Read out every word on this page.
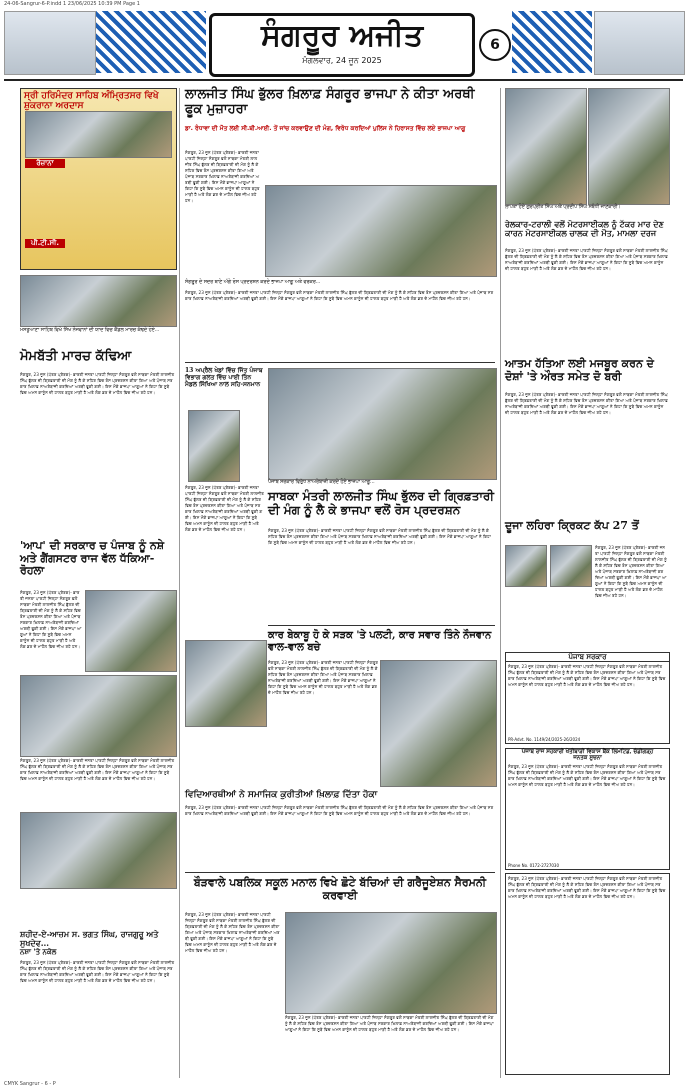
24-06-Sangrur-6-P.indd 1 23/06/2025 10:39 PM Page 1
ਸੰਗਰੂਰ ਅਜੀਤ
ਮੰਗਲਵਾਰ, 24 ਜੂਨ 2025
6
ਸ੍ਰੀ ਹਰਿਮੰਦਰ ਸਾਹਿਬ ਅੰਮ੍ਰਿਤਸਰ ਵਿਖੇ ਸ਼ੁਕਰਾਨਾ ਅਰਦਾਸ
ਰੋਜ਼ਾਨਾ
ਪੀ.ਟੀ.ਸੀ.
ਮਸਤੂਆਣਾ ਸਾਹਿਬ ਵਿਖੇ ਸਿੱਖ ਨੌਜਵਾਨਾਂ ਦੀ ਯਾਦ ਵਿਚ ਕੈਂਡਲ ਮਾਰਚ ਕੱਢਦੇ ਹੋਏ...
ਮੋਮਬੱਤੀ ਮਾਰਚ ਕੱਢਿਆ
ਸੰਗਰੂਰ, 23 ਜੂਨ (ਪੱਤਰ ਪ੍ਰੇਰਕ)- ਭਾਰਤੀ ਜਨਤਾ ਪਾਰਟੀ ਜ਼ਿਲ੍ਹਾ ਸੰਗਰੂਰ ਵਲੋਂ ਸਾਬਕਾ ਮੰਤਰੀ ਲਾਲਜੀਤ ਸਿੰਘ ਭੁੱਲਰ ਦੀ ਗ੍ਰਿਫ਼ਤਾਰੀ ਦੀ ਮੰਗ ਨੂੰ ਲੈ ਕੇ ਸ਼ਹਿਰ ਵਿਚ ਰੋਸ ਪ੍ਰਦਰਸ਼ਨ ਕੀਤਾ ਗਿਆ ਅਤੇ ਪੰਜਾਬ ਸਰਕਾਰ ਖ਼ਿਲਾਫ਼ ਨਾਅਰੇਬਾਜ਼ੀ ਕਰਦਿਆਂ ਅਰਥੀ ਫੂਕੀ ਗਈ। ਇਸ ਮੌਕੇ ਭਾਜਪਾ ਆਗੂਆਂ ਨੇ ਕਿਹਾ ਕਿ ਸੂਬੇ ਵਿਚ ਅਮਨ ਕਾਨੂੰਨ ਦੀ ਹਾਲਤ ਬਹੁਤ ਮਾੜੀ ਹੈ ਅਤੇ ਲੋਕ ਡਰ ਦੇ ਮਾਹੌਲ ਵਿਚ ਜੀਅ ਰਹੇ ਹਨ।
'ਆਪ' ਦੀ ਸਰਕਾਰ ਚ ਪੰਜਾਬ ਨੂੰ ਨਸ਼ੇ ਅਤੇ ਗੈਂਗਸਟਰ ਰਾਜ ਵੱਲ ਧੱਕਿਆ-ਰੋਹਲਾ
ਸੰਗਰੂਰ, 23 ਜੂਨ (ਪੱਤਰ ਪ੍ਰੇਰਕ)- ਭਾਰਤੀ ਜਨਤਾ ਪਾਰਟੀ ਜ਼ਿਲ੍ਹਾ ਸੰਗਰੂਰ ਵਲੋਂ ਸਾਬਕਾ ਮੰਤਰੀ ਲਾਲਜੀਤ ਸਿੰਘ ਭੁੱਲਰ ਦੀ ਗ੍ਰਿਫ਼ਤਾਰੀ ਦੀ ਮੰਗ ਨੂੰ ਲੈ ਕੇ ਸ਼ਹਿਰ ਵਿਚ ਰੋਸ ਪ੍ਰਦਰਸ਼ਨ ਕੀਤਾ ਗਿਆ ਅਤੇ ਪੰਜਾਬ ਸਰਕਾਰ ਖ਼ਿਲਾਫ਼ ਨਾਅਰੇਬਾਜ਼ੀ ਕਰਦਿਆਂ ਅਰਥੀ ਫੂਕੀ ਗਈ। ਇਸ ਮੌਕੇ ਭਾਜਪਾ ਆਗੂਆਂ ਨੇ ਕਿਹਾ ਕਿ ਸੂਬੇ ਵਿਚ ਅਮਨ ਕਾਨੂੰਨ ਦੀ ਹਾਲਤ ਬਹੁਤ ਮਾੜੀ ਹੈ ਅਤੇ ਲੋਕ ਡਰ ਦੇ ਮਾਹੌਲ ਵਿਚ ਜੀਅ ਰਹੇ ਹਨ।
ਸੰਗਰੂਰ, 23 ਜੂਨ (ਪੱਤਰ ਪ੍ਰੇਰਕ)- ਭਾਰਤੀ ਜਨਤਾ ਪਾਰਟੀ ਜ਼ਿਲ੍ਹਾ ਸੰਗਰੂਰ ਵਲੋਂ ਸਾਬਕਾ ਮੰਤਰੀ ਲਾਲਜੀਤ ਸਿੰਘ ਭੁੱਲਰ ਦੀ ਗ੍ਰਿਫ਼ਤਾਰੀ ਦੀ ਮੰਗ ਨੂੰ ਲੈ ਕੇ ਸ਼ਹਿਰ ਵਿਚ ਰੋਸ ਪ੍ਰਦਰਸ਼ਨ ਕੀਤਾ ਗਿਆ ਅਤੇ ਪੰਜਾਬ ਸਰਕਾਰ ਖ਼ਿਲਾਫ਼ ਨਾਅਰੇਬਾਜ਼ੀ ਕਰਦਿਆਂ ਅਰਥੀ ਫੂਕੀ ਗਈ। ਇਸ ਮੌਕੇ ਭਾਜਪਾ ਆਗੂਆਂ ਨੇ ਕਿਹਾ ਕਿ ਸੂਬੇ ਵਿਚ ਅਮਨ ਕਾਨੂੰਨ ਦੀ ਹਾਲਤ ਬਹੁਤ ਮਾੜੀ ਹੈ ਅਤੇ ਲੋਕ ਡਰ ਦੇ ਮਾਹੌਲ ਵਿਚ ਜੀਅ ਰਹੇ ਹਨ।
ਸ਼ਹੀਦ-ਏ-ਆਜ਼ਮ ਸ. ਭਗਤ ਸਿੰਘ, ਰਾਜਗੁਰੂ ਅਤੇ ਸੁਖਦੇਵ...
ਨਸ਼ਾ 'ਤੇ ਨਕੇਲ
ਸੰਗਰੂਰ, 23 ਜੂਨ (ਪੱਤਰ ਪ੍ਰੇਰਕ)- ਭਾਰਤੀ ਜਨਤਾ ਪਾਰਟੀ ਜ਼ਿਲ੍ਹਾ ਸੰਗਰੂਰ ਵਲੋਂ ਸਾਬਕਾ ਮੰਤਰੀ ਲਾਲਜੀਤ ਸਿੰਘ ਭੁੱਲਰ ਦੀ ਗ੍ਰਿਫ਼ਤਾਰੀ ਦੀ ਮੰਗ ਨੂੰ ਲੈ ਕੇ ਸ਼ਹਿਰ ਵਿਚ ਰੋਸ ਪ੍ਰਦਰਸ਼ਨ ਕੀਤਾ ਗਿਆ ਅਤੇ ਪੰਜਾਬ ਸਰਕਾਰ ਖ਼ਿਲਾਫ਼ ਨਾਅਰੇਬਾਜ਼ੀ ਕਰਦਿਆਂ ਅਰਥੀ ਫੂਕੀ ਗਈ। ਇਸ ਮੌਕੇ ਭਾਜਪਾ ਆਗੂਆਂ ਨੇ ਕਿਹਾ ਕਿ ਸੂਬੇ ਵਿਚ ਅਮਨ ਕਾਨੂੰਨ ਦੀ ਹਾਲਤ ਬਹੁਤ ਮਾੜੀ ਹੈ ਅਤੇ ਲੋਕ ਡਰ ਦੇ ਮਾਹੌਲ ਵਿਚ ਜੀਅ ਰਹੇ ਹਨ।
ਲਾਲਜੀਤ ਸਿੰਘ ਭੁੱਲਰ ਖ਼ਿਲਾਫ਼ ਸੰਗਰੂਰ ਭਾਜਪਾ ਨੇ ਕੀਤਾ ਅਰਥੀ ਫੂਕ ਮੁਜ਼ਾਹਰਾ
ਡਾ. ਰੰਧਾਵਾ ਦੀ ਮੌਤ ਲਈ ਸੀ.ਬੀ.ਆਈ. ਤੋਂ ਜਾਂਚ ਕਰਵਾਉਣ ਦੀ ਮੰਗ, ਵਿਰੋਧ ਕਰਦਿਆਂ ਪੁਲਿਸ ਨੇ ਹਿਰਾਸਤ ਵਿੱਚ ਲਏ ਭਾਜਪਾ ਆਗੂ
ਸੰਗਰੂਰ, 23 ਜੂਨ (ਪੱਤਰ ਪ੍ਰੇਰਕ)- ਭਾਰਤੀ ਜਨਤਾ ਪਾਰਟੀ ਜ਼ਿਲ੍ਹਾ ਸੰਗਰੂਰ ਵਲੋਂ ਸਾਬਕਾ ਮੰਤਰੀ ਲਾਲਜੀਤ ਸਿੰਘ ਭੁੱਲਰ ਦੀ ਗ੍ਰਿਫ਼ਤਾਰੀ ਦੀ ਮੰਗ ਨੂੰ ਲੈ ਕੇ ਸ਼ਹਿਰ ਵਿਚ ਰੋਸ ਪ੍ਰਦਰਸ਼ਨ ਕੀਤਾ ਗਿਆ ਅਤੇ ਪੰਜਾਬ ਸਰਕਾਰ ਖ਼ਿਲਾਫ਼ ਨਾਅਰੇਬਾਜ਼ੀ ਕਰਦਿਆਂ ਅਰਥੀ ਫੂਕੀ ਗਈ। ਇਸ ਮੌਕੇ ਭਾਜਪਾ ਆਗੂਆਂ ਨੇ ਕਿਹਾ ਕਿ ਸੂਬੇ ਵਿਚ ਅਮਨ ਕਾਨੂੰਨ ਦੀ ਹਾਲਤ ਬਹੁਤ ਮਾੜੀ ਹੈ ਅਤੇ ਲੋਕ ਡਰ ਦੇ ਮਾਹੌਲ ਵਿਚ ਜੀਅ ਰਹੇ ਹਨ।
ਸੰਗਰੂਰ ਦੇ ਸਦਰ ਥਾਣੇ ਅੱਗੇ ਰੋਸ ਪ੍ਰਦਰਸ਼ਨ ਕਰਦੇ ਭਾਜਪਾ ਆਗੂ ਅਤੇ ਵਰਕਰ...
ਸੰਗਰੂਰ, 23 ਜੂਨ (ਪੱਤਰ ਪ੍ਰੇਰਕ)- ਭਾਰਤੀ ਜਨਤਾ ਪਾਰਟੀ ਜ਼ਿਲ੍ਹਾ ਸੰਗਰੂਰ ਵਲੋਂ ਸਾਬਕਾ ਮੰਤਰੀ ਲਾਲਜੀਤ ਸਿੰਘ ਭੁੱਲਰ ਦੀ ਗ੍ਰਿਫ਼ਤਾਰੀ ਦੀ ਮੰਗ ਨੂੰ ਲੈ ਕੇ ਸ਼ਹਿਰ ਵਿਚ ਰੋਸ ਪ੍ਰਦਰਸ਼ਨ ਕੀਤਾ ਗਿਆ ਅਤੇ ਪੰਜਾਬ ਸਰਕਾਰ ਖ਼ਿਲਾਫ਼ ਨਾਅਰੇਬਾਜ਼ੀ ਕਰਦਿਆਂ ਅਰਥੀ ਫੂਕੀ ਗਈ। ਇਸ ਮੌਕੇ ਭਾਜਪਾ ਆਗੂਆਂ ਨੇ ਕਿਹਾ ਕਿ ਸੂਬੇ ਵਿਚ ਅਮਨ ਕਾਨੂੰਨ ਦੀ ਹਾਲਤ ਬਹੁਤ ਮਾੜੀ ਹੈ ਅਤੇ ਲੋਕ ਡਰ ਦੇ ਮਾਹੌਲ ਵਿਚ ਜੀਅ ਰਹੇ ਹਨ।
13 ਅਪ੍ਰੈਲ ਖੇਡਾਂ ਵਿੱਚ ਜਿੱਤ ਪੰਜਾਬ ਵਿਭਾਗ ਗਲਤ ਵਿੱਚ ਪਾਈ ਤਿੰਨ ਮੈਡਲ ਸਿੱਖਿਆ ਨਾਲ ਸਹਿ-ਸਨਮਾਨ
ਸੰਗਰੂਰ, 23 ਜੂਨ (ਪੱਤਰ ਪ੍ਰੇਰਕ)- ਭਾਰਤੀ ਜਨਤਾ ਪਾਰਟੀ ਜ਼ਿਲ੍ਹਾ ਸੰਗਰੂਰ ਵਲੋਂ ਸਾਬਕਾ ਮੰਤਰੀ ਲਾਲਜੀਤ ਸਿੰਘ ਭੁੱਲਰ ਦੀ ਗ੍ਰਿਫ਼ਤਾਰੀ ਦੀ ਮੰਗ ਨੂੰ ਲੈ ਕੇ ਸ਼ਹਿਰ ਵਿਚ ਰੋਸ ਪ੍ਰਦਰਸ਼ਨ ਕੀਤਾ ਗਿਆ ਅਤੇ ਪੰਜਾਬ ਸਰਕਾਰ ਖ਼ਿਲਾਫ਼ ਨਾਅਰੇਬਾਜ਼ੀ ਕਰਦਿਆਂ ਅਰਥੀ ਫੂਕੀ ਗਈ। ਇਸ ਮੌਕੇ ਭਾਜਪਾ ਆਗੂਆਂ ਨੇ ਕਿਹਾ ਕਿ ਸੂਬੇ ਵਿਚ ਅਮਨ ਕਾਨੂੰਨ ਦੀ ਹਾਲਤ ਬਹੁਤ ਮਾੜੀ ਹੈ ਅਤੇ ਲੋਕ ਡਰ ਦੇ ਮਾਹੌਲ ਵਿਚ ਜੀਅ ਰਹੇ ਹਨ।
ਪੰਜਾਬ ਸਰਕਾਰ ਵਿਰੁੱਧ ਨਾਅਰੇਬਾਜ਼ੀ ਕਰਦੇ ਹੋਏ ਭਾਜਪਾ ਆਗੂ...
ਸਾਬਕਾ ਮੰਤਰੀ ਲਾਲਜੀਤ ਸਿੰਘ ਭੁੱਲਰ ਦੀ ਗ੍ਰਿਫ਼ਤਾਰੀ ਦੀ ਮੰਗ ਨੂੰ ਲੈ ਕੇ ਭਾਜਪਾ ਵਲੋਂ ਰੋਸ ਪ੍ਰਦਰਸ਼ਨ
ਸੰਗਰੂਰ, 23 ਜੂਨ (ਪੱਤਰ ਪ੍ਰੇਰਕ)- ਭਾਰਤੀ ਜਨਤਾ ਪਾਰਟੀ ਜ਼ਿਲ੍ਹਾ ਸੰਗਰੂਰ ਵਲੋਂ ਸਾਬਕਾ ਮੰਤਰੀ ਲਾਲਜੀਤ ਸਿੰਘ ਭੁੱਲਰ ਦੀ ਗ੍ਰਿਫ਼ਤਾਰੀ ਦੀ ਮੰਗ ਨੂੰ ਲੈ ਕੇ ਸ਼ਹਿਰ ਵਿਚ ਰੋਸ ਪ੍ਰਦਰਸ਼ਨ ਕੀਤਾ ਗਿਆ ਅਤੇ ਪੰਜਾਬ ਸਰਕਾਰ ਖ਼ਿਲਾਫ਼ ਨਾਅਰੇਬਾਜ਼ੀ ਕਰਦਿਆਂ ਅਰਥੀ ਫੂਕੀ ਗਈ। ਇਸ ਮੌਕੇ ਭਾਜਪਾ ਆਗੂਆਂ ਨੇ ਕਿਹਾ ਕਿ ਸੂਬੇ ਵਿਚ ਅਮਨ ਕਾਨੂੰਨ ਦੀ ਹਾਲਤ ਬਹੁਤ ਮਾੜੀ ਹੈ ਅਤੇ ਲੋਕ ਡਰ ਦੇ ਮਾਹੌਲ ਵਿਚ ਜੀਅ ਰਹੇ ਹਨ।
ਕਾਰ ਬੇਕਾਬੂ ਹੋ ਕੇ ਸੜਕ 'ਤੇ ਪਲਟੀ, ਕਾਰ ਸਵਾਰ ਤਿੰਨੇ ਨੌਜਵਾਨ ਵਾਲ-ਵਾਲ ਬਚੇ
ਸੰਗਰੂਰ, 23 ਜੂਨ (ਪੱਤਰ ਪ੍ਰੇਰਕ)- ਭਾਰਤੀ ਜਨਤਾ ਪਾਰਟੀ ਜ਼ਿਲ੍ਹਾ ਸੰਗਰੂਰ ਵਲੋਂ ਸਾਬਕਾ ਮੰਤਰੀ ਲਾਲਜੀਤ ਸਿੰਘ ਭੁੱਲਰ ਦੀ ਗ੍ਰਿਫ਼ਤਾਰੀ ਦੀ ਮੰਗ ਨੂੰ ਲੈ ਕੇ ਸ਼ਹਿਰ ਵਿਚ ਰੋਸ ਪ੍ਰਦਰਸ਼ਨ ਕੀਤਾ ਗਿਆ ਅਤੇ ਪੰਜਾਬ ਸਰਕਾਰ ਖ਼ਿਲਾਫ਼ ਨਾਅਰੇਬਾਜ਼ੀ ਕਰਦਿਆਂ ਅਰਥੀ ਫੂਕੀ ਗਈ। ਇਸ ਮੌਕੇ ਭਾਜਪਾ ਆਗੂਆਂ ਨੇ ਕਿਹਾ ਕਿ ਸੂਬੇ ਵਿਚ ਅਮਨ ਕਾਨੂੰਨ ਦੀ ਹਾਲਤ ਬਹੁਤ ਮਾੜੀ ਹੈ ਅਤੇ ਲੋਕ ਡਰ ਦੇ ਮਾਹੌਲ ਵਿਚ ਜੀਅ ਰਹੇ ਹਨ।
ਵਿਦਿਆਰਥੀਆਂ ਨੇ ਸਮਾਜਿਕ ਕੁਰੀਤੀਆਂ ਖ਼ਿਲਾਫ਼ ਦਿੱਤਾ ਹੋਕਾ
ਸੰਗਰੂਰ, 23 ਜੂਨ (ਪੱਤਰ ਪ੍ਰੇਰਕ)- ਭਾਰਤੀ ਜਨਤਾ ਪਾਰਟੀ ਜ਼ਿਲ੍ਹਾ ਸੰਗਰੂਰ ਵਲੋਂ ਸਾਬਕਾ ਮੰਤਰੀ ਲਾਲਜੀਤ ਸਿੰਘ ਭੁੱਲਰ ਦੀ ਗ੍ਰਿਫ਼ਤਾਰੀ ਦੀ ਮੰਗ ਨੂੰ ਲੈ ਕੇ ਸ਼ਹਿਰ ਵਿਚ ਰੋਸ ਪ੍ਰਦਰਸ਼ਨ ਕੀਤਾ ਗਿਆ ਅਤੇ ਪੰਜਾਬ ਸਰਕਾਰ ਖ਼ਿਲਾਫ਼ ਨਾਅਰੇਬਾਜ਼ੀ ਕਰਦਿਆਂ ਅਰਥੀ ਫੂਕੀ ਗਈ। ਇਸ ਮੌਕੇ ਭਾਜਪਾ ਆਗੂਆਂ ਨੇ ਕਿਹਾ ਕਿ ਸੂਬੇ ਵਿਚ ਅਮਨ ਕਾਨੂੰਨ ਦੀ ਹਾਲਤ ਬਹੁਤ ਮਾੜੀ ਹੈ ਅਤੇ ਲੋਕ ਡਰ ਦੇ ਮਾਹੌਲ ਵਿਚ ਜੀਅ ਰਹੇ ਹਨ।
ਬੌੜਵਾਲੇ ਪਬਲਿਕ ਸਕੂਲ ਮਨਾਲ ਵਿਖੇ ਛੋਟੇ ਬੱਚਿਆਂ ਦੀ ਗਰੈਜੂਏਸ਼ਨ ਸੈਰਮਨੀ ਕਰਵਾਈ
ਸੰਗਰੂਰ, 23 ਜੂਨ (ਪੱਤਰ ਪ੍ਰੇਰਕ)- ਭਾਰਤੀ ਜਨਤਾ ਪਾਰਟੀ ਜ਼ਿਲ੍ਹਾ ਸੰਗਰੂਰ ਵਲੋਂ ਸਾਬਕਾ ਮੰਤਰੀ ਲਾਲਜੀਤ ਸਿੰਘ ਭੁੱਲਰ ਦੀ ਗ੍ਰਿਫ਼ਤਾਰੀ ਦੀ ਮੰਗ ਨੂੰ ਲੈ ਕੇ ਸ਼ਹਿਰ ਵਿਚ ਰੋਸ ਪ੍ਰਦਰਸ਼ਨ ਕੀਤਾ ਗਿਆ ਅਤੇ ਪੰਜਾਬ ਸਰਕਾਰ ਖ਼ਿਲਾਫ਼ ਨਾਅਰੇਬਾਜ਼ੀ ਕਰਦਿਆਂ ਅਰਥੀ ਫੂਕੀ ਗਈ। ਇਸ ਮੌਕੇ ਭਾਜਪਾ ਆਗੂਆਂ ਨੇ ਕਿਹਾ ਕਿ ਸੂਬੇ ਵਿਚ ਅਮਨ ਕਾਨੂੰਨ ਦੀ ਹਾਲਤ ਬਹੁਤ ਮਾੜੀ ਹੈ ਅਤੇ ਲੋਕ ਡਰ ਦੇ ਮਾਹੌਲ ਵਿਚ ਜੀਅ ਰਹੇ ਹਨ।
ਸੰਗਰੂਰ, 23 ਜੂਨ (ਪੱਤਰ ਪ੍ਰੇਰਕ)- ਭਾਰਤੀ ਜਨਤਾ ਪਾਰਟੀ ਜ਼ਿਲ੍ਹਾ ਸੰਗਰੂਰ ਵਲੋਂ ਸਾਬਕਾ ਮੰਤਰੀ ਲਾਲਜੀਤ ਸਿੰਘ ਭੁੱਲਰ ਦੀ ਗ੍ਰਿਫ਼ਤਾਰੀ ਦੀ ਮੰਗ ਨੂੰ ਲੈ ਕੇ ਸ਼ਹਿਰ ਵਿਚ ਰੋਸ ਪ੍ਰਦਰਸ਼ਨ ਕੀਤਾ ਗਿਆ ਅਤੇ ਪੰਜਾਬ ਸਰਕਾਰ ਖ਼ਿਲਾਫ਼ ਨਾਅਰੇਬਾਜ਼ੀ ਕਰਦਿਆਂ ਅਰਥੀ ਫੂਕੀ ਗਈ। ਇਸ ਮੌਕੇ ਭਾਜਪਾ ਆਗੂਆਂ ਨੇ ਕਿਹਾ ਕਿ ਸੂਬੇ ਵਿਚ ਅਮਨ ਕਾਨੂੰਨ ਦੀ ਹਾਲਤ ਬਹੁਤ ਮਾੜੀ ਹੈ ਅਤੇ ਲੋਕ ਡਰ ਦੇ ਮਾਹੌਲ ਵਿਚ ਜੀਅ ਰਹੇ ਹਨ।
ਲਾਪਤਾ ਹੋਏ ਗੁਰਪ੍ਰੀਤ ਸਿੰਘ ਅਤੇ ਪ੍ਰਦੀਪ ਸਿੰਘ ਸਬੰਧੀ ਜਾਣਕਾਰੀ।
ਰੇਲਕਾਰ-ਟਰਾਲੀ ਵਲੋਂ ਮੋਟਰਸਾਈਕਲ ਨੂੰ ਟੱਕਰ ਮਾਰ ਦੇਣ ਕਾਰਨ ਮੋਟਰਸਾਈਕਲ ਚਾਲਕ ਦੀ ਮੌਤ, ਮਾਮਲਾ ਦਰਜ
ਸੰਗਰੂਰ, 23 ਜੂਨ (ਪੱਤਰ ਪ੍ਰੇਰਕ)- ਭਾਰਤੀ ਜਨਤਾ ਪਾਰਟੀ ਜ਼ਿਲ੍ਹਾ ਸੰਗਰੂਰ ਵਲੋਂ ਸਾਬਕਾ ਮੰਤਰੀ ਲਾਲਜੀਤ ਸਿੰਘ ਭੁੱਲਰ ਦੀ ਗ੍ਰਿਫ਼ਤਾਰੀ ਦੀ ਮੰਗ ਨੂੰ ਲੈ ਕੇ ਸ਼ਹਿਰ ਵਿਚ ਰੋਸ ਪ੍ਰਦਰਸ਼ਨ ਕੀਤਾ ਗਿਆ ਅਤੇ ਪੰਜਾਬ ਸਰਕਾਰ ਖ਼ਿਲਾਫ਼ ਨਾਅਰੇਬਾਜ਼ੀ ਕਰਦਿਆਂ ਅਰਥੀ ਫੂਕੀ ਗਈ। ਇਸ ਮੌਕੇ ਭਾਜਪਾ ਆਗੂਆਂ ਨੇ ਕਿਹਾ ਕਿ ਸੂਬੇ ਵਿਚ ਅਮਨ ਕਾਨੂੰਨ ਦੀ ਹਾਲਤ ਬਹੁਤ ਮਾੜੀ ਹੈ ਅਤੇ ਲੋਕ ਡਰ ਦੇ ਮਾਹੌਲ ਵਿਚ ਜੀਅ ਰਹੇ ਹਨ।
ਆਤਮ ਹੱਤਿਆ ਲਈ ਮਜਬੂਰ ਕਰਨ ਦੇ ਦੋਸ਼ਾਂ 'ਤੇ ਔਰਤ ਸਮੇਤ ਦੋ ਬਰੀ
ਸੰਗਰੂਰ, 23 ਜੂਨ (ਪੱਤਰ ਪ੍ਰੇਰਕ)- ਭਾਰਤੀ ਜਨਤਾ ਪਾਰਟੀ ਜ਼ਿਲ੍ਹਾ ਸੰਗਰੂਰ ਵਲੋਂ ਸਾਬਕਾ ਮੰਤਰੀ ਲਾਲਜੀਤ ਸਿੰਘ ਭੁੱਲਰ ਦੀ ਗ੍ਰਿਫ਼ਤਾਰੀ ਦੀ ਮੰਗ ਨੂੰ ਲੈ ਕੇ ਸ਼ਹਿਰ ਵਿਚ ਰੋਸ ਪ੍ਰਦਰਸ਼ਨ ਕੀਤਾ ਗਿਆ ਅਤੇ ਪੰਜਾਬ ਸਰਕਾਰ ਖ਼ਿਲਾਫ਼ ਨਾਅਰੇਬਾਜ਼ੀ ਕਰਦਿਆਂ ਅਰਥੀ ਫੂਕੀ ਗਈ। ਇਸ ਮੌਕੇ ਭਾਜਪਾ ਆਗੂਆਂ ਨੇ ਕਿਹਾ ਕਿ ਸੂਬੇ ਵਿਚ ਅਮਨ ਕਾਨੂੰਨ ਦੀ ਹਾਲਤ ਬਹੁਤ ਮਾੜੀ ਹੈ ਅਤੇ ਲੋਕ ਡਰ ਦੇ ਮਾਹੌਲ ਵਿਚ ਜੀਅ ਰਹੇ ਹਨ।
ਦੂਜਾ ਲਹਿਰਾ ਕ੍ਰਿਕਟ ਕੱਪ 27 ਤੋਂ
ਸੰਗਰੂਰ, 23 ਜੂਨ (ਪੱਤਰ ਪ੍ਰੇਰਕ)- ਭਾਰਤੀ ਜਨਤਾ ਪਾਰਟੀ ਜ਼ਿਲ੍ਹਾ ਸੰਗਰੂਰ ਵਲੋਂ ਸਾਬਕਾ ਮੰਤਰੀ ਲਾਲਜੀਤ ਸਿੰਘ ਭੁੱਲਰ ਦੀ ਗ੍ਰਿਫ਼ਤਾਰੀ ਦੀ ਮੰਗ ਨੂੰ ਲੈ ਕੇ ਸ਼ਹਿਰ ਵਿਚ ਰੋਸ ਪ੍ਰਦਰਸ਼ਨ ਕੀਤਾ ਗਿਆ ਅਤੇ ਪੰਜਾਬ ਸਰਕਾਰ ਖ਼ਿਲਾਫ਼ ਨਾਅਰੇਬਾਜ਼ੀ ਕਰਦਿਆਂ ਅਰਥੀ ਫੂਕੀ ਗਈ। ਇਸ ਮੌਕੇ ਭਾਜਪਾ ਆਗੂਆਂ ਨੇ ਕਿਹਾ ਕਿ ਸੂਬੇ ਵਿਚ ਅਮਨ ਕਾਨੂੰਨ ਦੀ ਹਾਲਤ ਬਹੁਤ ਮਾੜੀ ਹੈ ਅਤੇ ਲੋਕ ਡਰ ਦੇ ਮਾਹੌਲ ਵਿਚ ਜੀਅ ਰਹੇ ਹਨ।
ਪੰਜਾਬ ਸਰਕਾਰ
ਸੰਗਰੂਰ, 23 ਜੂਨ (ਪੱਤਰ ਪ੍ਰੇਰਕ)- ਭਾਰਤੀ ਜਨਤਾ ਪਾਰਟੀ ਜ਼ਿਲ੍ਹਾ ਸੰਗਰੂਰ ਵਲੋਂ ਸਾਬਕਾ ਮੰਤਰੀ ਲਾਲਜੀਤ ਸਿੰਘ ਭੁੱਲਰ ਦੀ ਗ੍ਰਿਫ਼ਤਾਰੀ ਦੀ ਮੰਗ ਨੂੰ ਲੈ ਕੇ ਸ਼ਹਿਰ ਵਿਚ ਰੋਸ ਪ੍ਰਦਰਸ਼ਨ ਕੀਤਾ ਗਿਆ ਅਤੇ ਪੰਜਾਬ ਸਰਕਾਰ ਖ਼ਿਲਾਫ਼ ਨਾਅਰੇਬਾਜ਼ੀ ਕਰਦਿਆਂ ਅਰਥੀ ਫੂਕੀ ਗਈ। ਇਸ ਮੌਕੇ ਭਾਜਪਾ ਆਗੂਆਂ ਨੇ ਕਿਹਾ ਕਿ ਸੂਬੇ ਵਿਚ ਅਮਨ ਕਾਨੂੰਨ ਦੀ ਹਾਲਤ ਬਹੁਤ ਮਾੜੀ ਹੈ ਅਤੇ ਲੋਕ ਡਰ ਦੇ ਮਾਹੌਲ ਵਿਚ ਜੀਅ ਰਹੇ ਹਨ।
PR-Advt. No. 1149/24/2025-26/2024
ਪੰਜਾਬ ਰਾਜ ਸਹਕਾਰੀ ਖੇਤੀਬਾੜੀ ਵਿਕਾਸ ਬੈਂਕ ਲਿਮਟਿਡ, ਚੰਡੀਗੜ੍ਹ
ਜਨਤਕ ਸੂਚਨਾ
ਸੰਗਰੂਰ, 23 ਜੂਨ (ਪੱਤਰ ਪ੍ਰੇਰਕ)- ਭਾਰਤੀ ਜਨਤਾ ਪਾਰਟੀ ਜ਼ਿਲ੍ਹਾ ਸੰਗਰੂਰ ਵਲੋਂ ਸਾਬਕਾ ਮੰਤਰੀ ਲਾਲਜੀਤ ਸਿੰਘ ਭੁੱਲਰ ਦੀ ਗ੍ਰਿਫ਼ਤਾਰੀ ਦੀ ਮੰਗ ਨੂੰ ਲੈ ਕੇ ਸ਼ਹਿਰ ਵਿਚ ਰੋਸ ਪ੍ਰਦਰਸ਼ਨ ਕੀਤਾ ਗਿਆ ਅਤੇ ਪੰਜਾਬ ਸਰਕਾਰ ਖ਼ਿਲਾਫ਼ ਨਾਅਰੇਬਾਜ਼ੀ ਕਰਦਿਆਂ ਅਰਥੀ ਫੂਕੀ ਗਈ। ਇਸ ਮੌਕੇ ਭਾਜਪਾ ਆਗੂਆਂ ਨੇ ਕਿਹਾ ਕਿ ਸੂਬੇ ਵਿਚ ਅਮਨ ਕਾਨੂੰਨ ਦੀ ਹਾਲਤ ਬਹੁਤ ਮਾੜੀ ਹੈ ਅਤੇ ਲੋਕ ਡਰ ਦੇ ਮਾਹੌਲ ਵਿਚ ਜੀਅ ਰਹੇ ਹਨ।
Phone No. 0172-2727030
ਸੰਗਰੂਰ, 23 ਜੂਨ (ਪੱਤਰ ਪ੍ਰੇਰਕ)- ਭਾਰਤੀ ਜਨਤਾ ਪਾਰਟੀ ਜ਼ਿਲ੍ਹਾ ਸੰਗਰੂਰ ਵਲੋਂ ਸਾਬਕਾ ਮੰਤਰੀ ਲਾਲਜੀਤ ਸਿੰਘ ਭੁੱਲਰ ਦੀ ਗ੍ਰਿਫ਼ਤਾਰੀ ਦੀ ਮੰਗ ਨੂੰ ਲੈ ਕੇ ਸ਼ਹਿਰ ਵਿਚ ਰੋਸ ਪ੍ਰਦਰਸ਼ਨ ਕੀਤਾ ਗਿਆ ਅਤੇ ਪੰਜਾਬ ਸਰਕਾਰ ਖ਼ਿਲਾਫ਼ ਨਾਅਰੇਬਾਜ਼ੀ ਕਰਦਿਆਂ ਅਰਥੀ ਫੂਕੀ ਗਈ। ਇਸ ਮੌਕੇ ਭਾਜਪਾ ਆਗੂਆਂ ਨੇ ਕਿਹਾ ਕਿ ਸੂਬੇ ਵਿਚ ਅਮਨ ਕਾਨੂੰਨ ਦੀ ਹਾਲਤ ਬਹੁਤ ਮਾੜੀ ਹੈ ਅਤੇ ਲੋਕ ਡਰ ਦੇ ਮਾਹੌਲ ਵਿਚ ਜੀਅ ਰਹੇ ਹਨ।
CMYK Sangrur - 6 - P
